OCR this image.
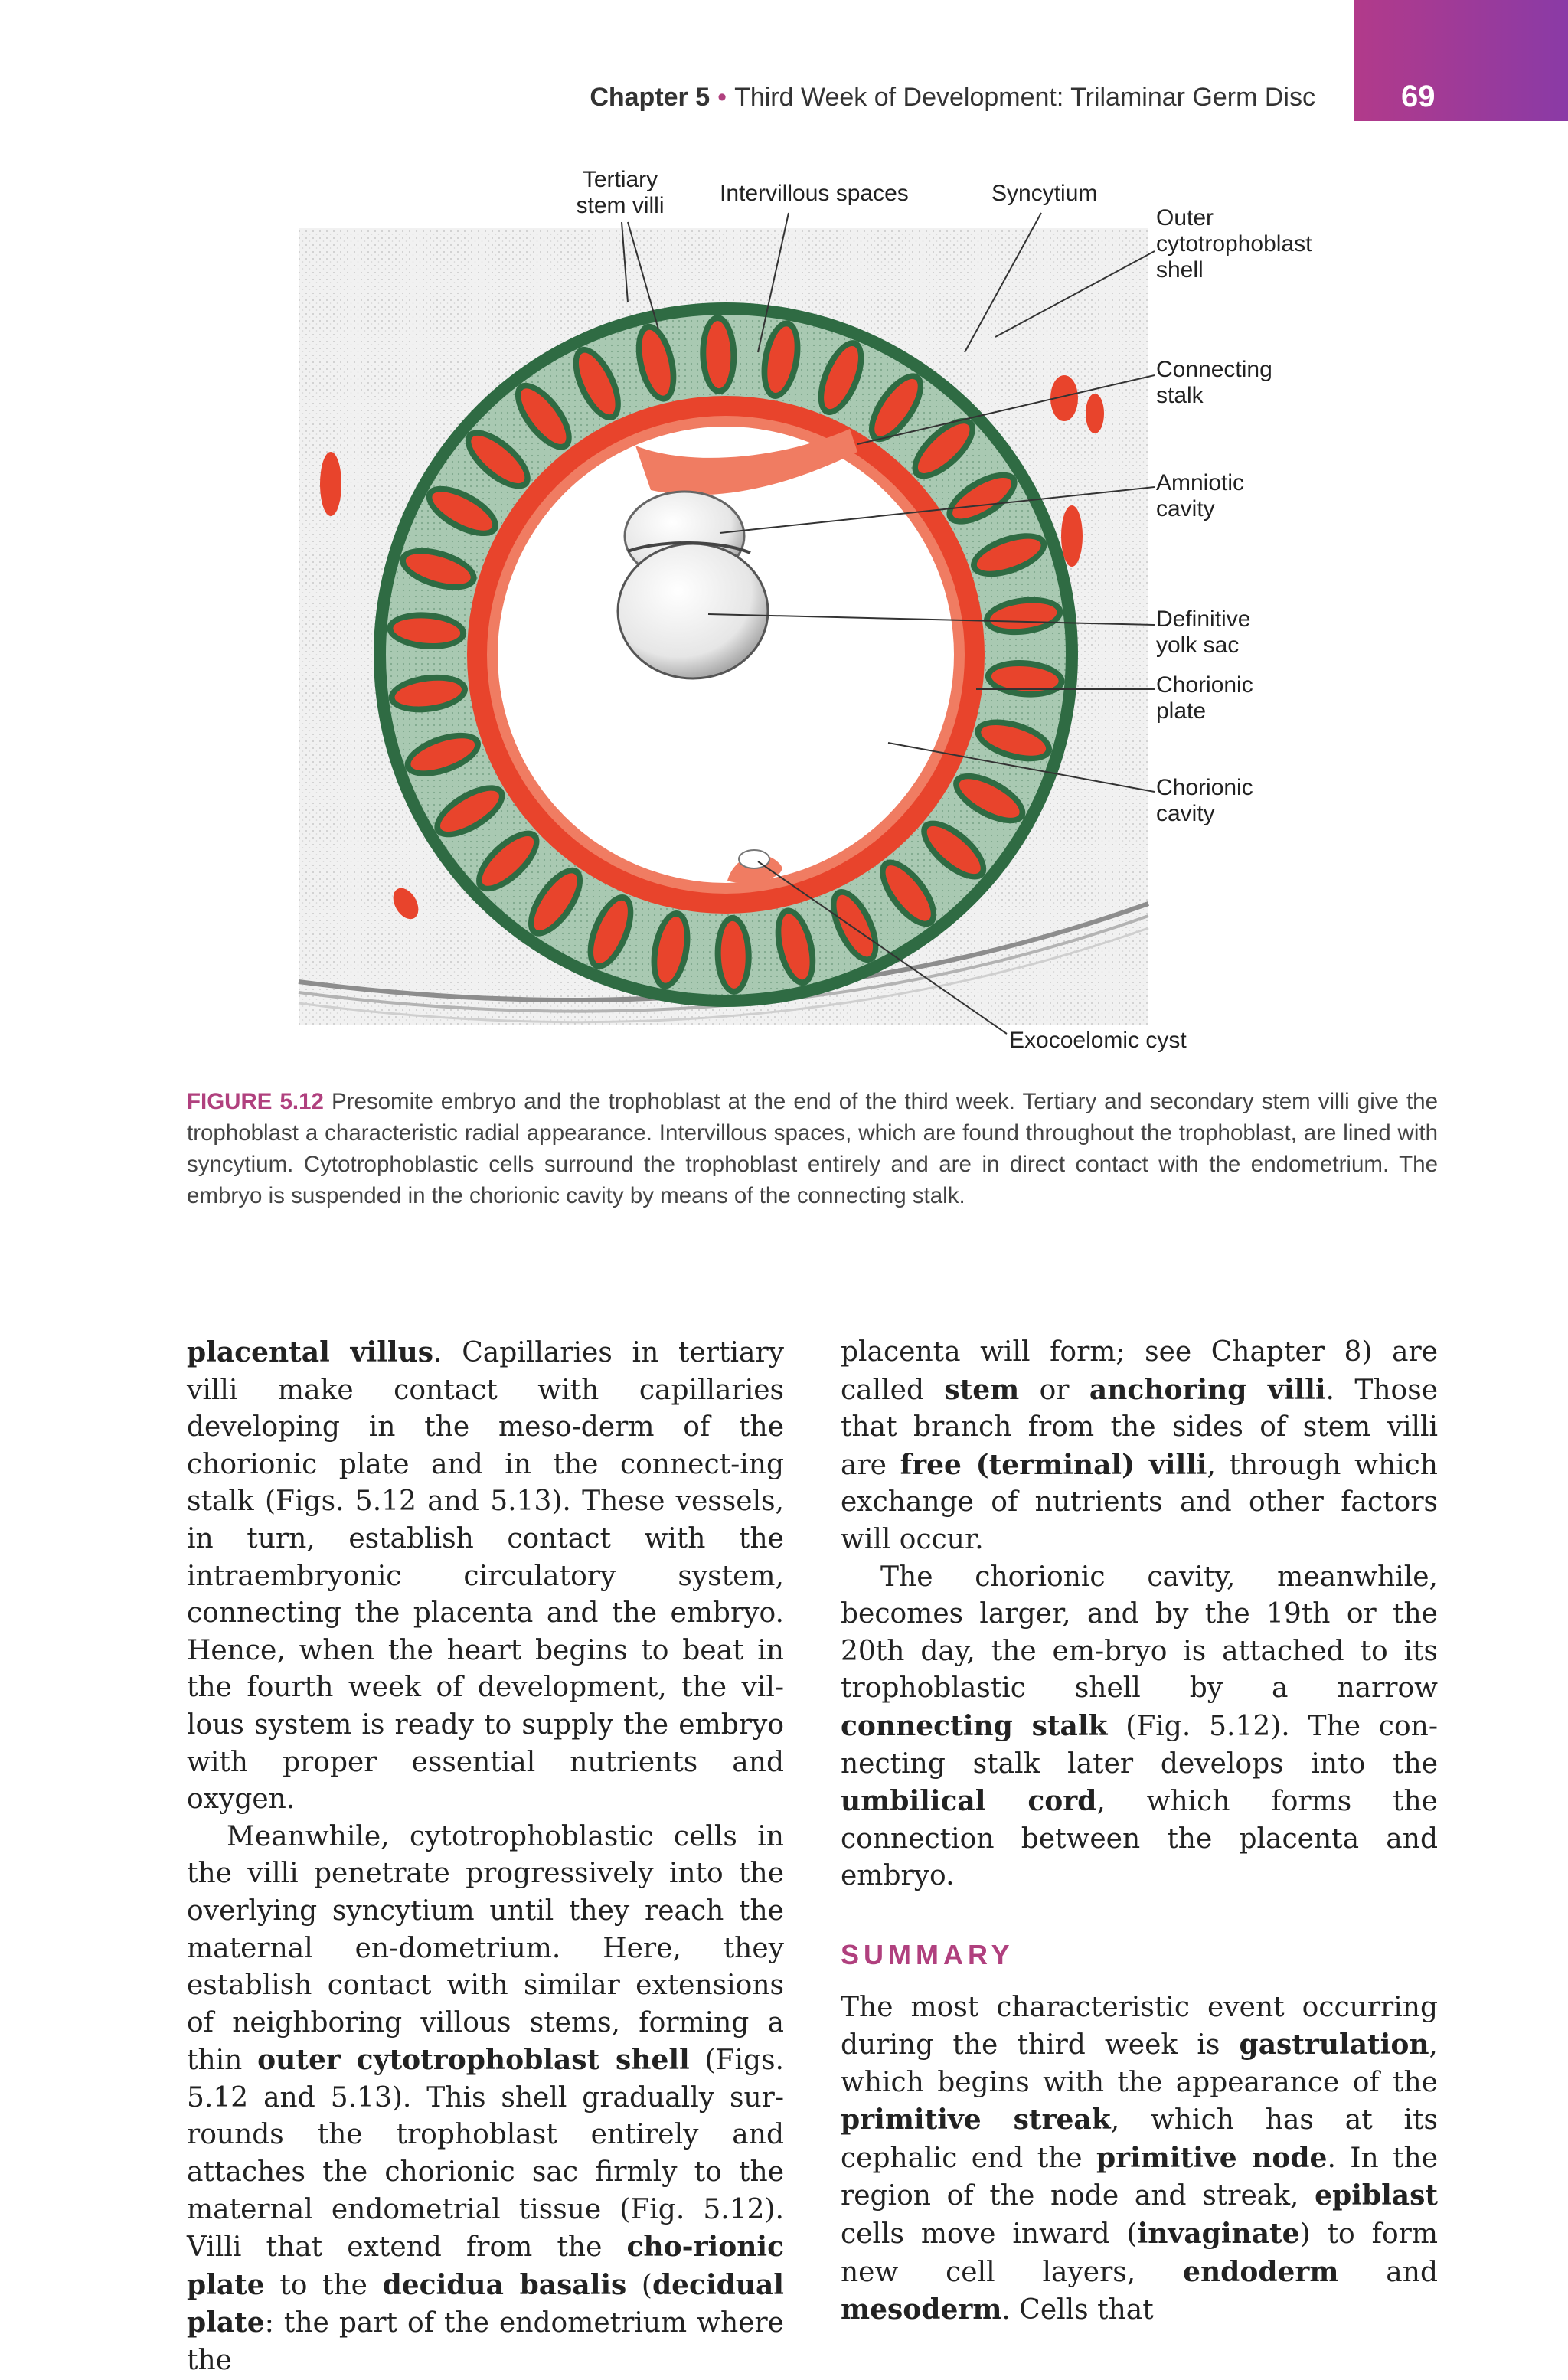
Chapter 5 • Third Week of Development: Trilaminar Germ Disc	69
Tertiary stem villi	Intervillous spaces	Syncytium
Outer cytotrophoblast shell
Connecting stalk
Amniotic cavity
Definitive yolk sac
Chorionic plate
Chorionic cavity
Exocoelomic cyst
FIGURE 5.12 Presomite embryo and the trophoblast at the end of the third week. Tertiary and secondary stem villi give the trophoblast a characteristic radial appearance. Intervillous spaces, which are found throughout the trophoblast, are lined with syncytium. Cytotrophoblastic cells surround the trophoblast entirely and are in direct contact with the endometrium. The embryo is suspended in the chorionic cavity by means of the connecting stalk.

placental villus. Capillaries in tertiary villi make contact with capillaries developing in the meso-derm of the chorionic plate and in the connect-ing stalk (Figs. 5.12 and 5.13). These vessels, in turn, establish contact with the intraembryonic circulatory system, connecting the placenta and the embryo. Hence, when the heart begins to beat in the fourth week of development, the vil-lous system is ready to supply the embryo with proper essential nutrients and oxygen.

Meanwhile, cytotrophoblastic cells in the villi penetrate progressively into the overlying syncytium until they reach the maternal en-dometrium. Here, they establish contact with similar extensions of neighboring villous stems, forming a thin outer cytotrophoblast shell (Figs. 5.12 and 5.13). This shell gradually sur-rounds the trophoblast entirely and attaches the chorionic sac firmly to the maternal endometrial tissue (Fig. 5.12). Villi that extend from the cho-rionic plate to the decidua basalis (decidual plate: the part of the endometrium where the

placenta will form; see Chapter 8) are called stem or anchoring villi. Those that branch from the sides of stem villi are free (terminal) villi, through which exchange of nutrients and other factors will occur.

The chorionic cavity, meanwhile, becomes larger, and by the 19th or the 20th day, the em-bryo is attached to its trophoblastic shell by a narrow connecting stalk (Fig. 5.12). The con-necting stalk later develops into the umbilical cord, which forms the connection between the placenta and embryo.

SUMMARY

The most characteristic event occurring during the third week is gastrulation, which begins with the appearance of the primitive streak, which has at its cephalic end the primitive node. In the region of the node and streak, epiblast cells move inward (invaginate) to form new cell layers, endoderm and mesoderm. Cells that
